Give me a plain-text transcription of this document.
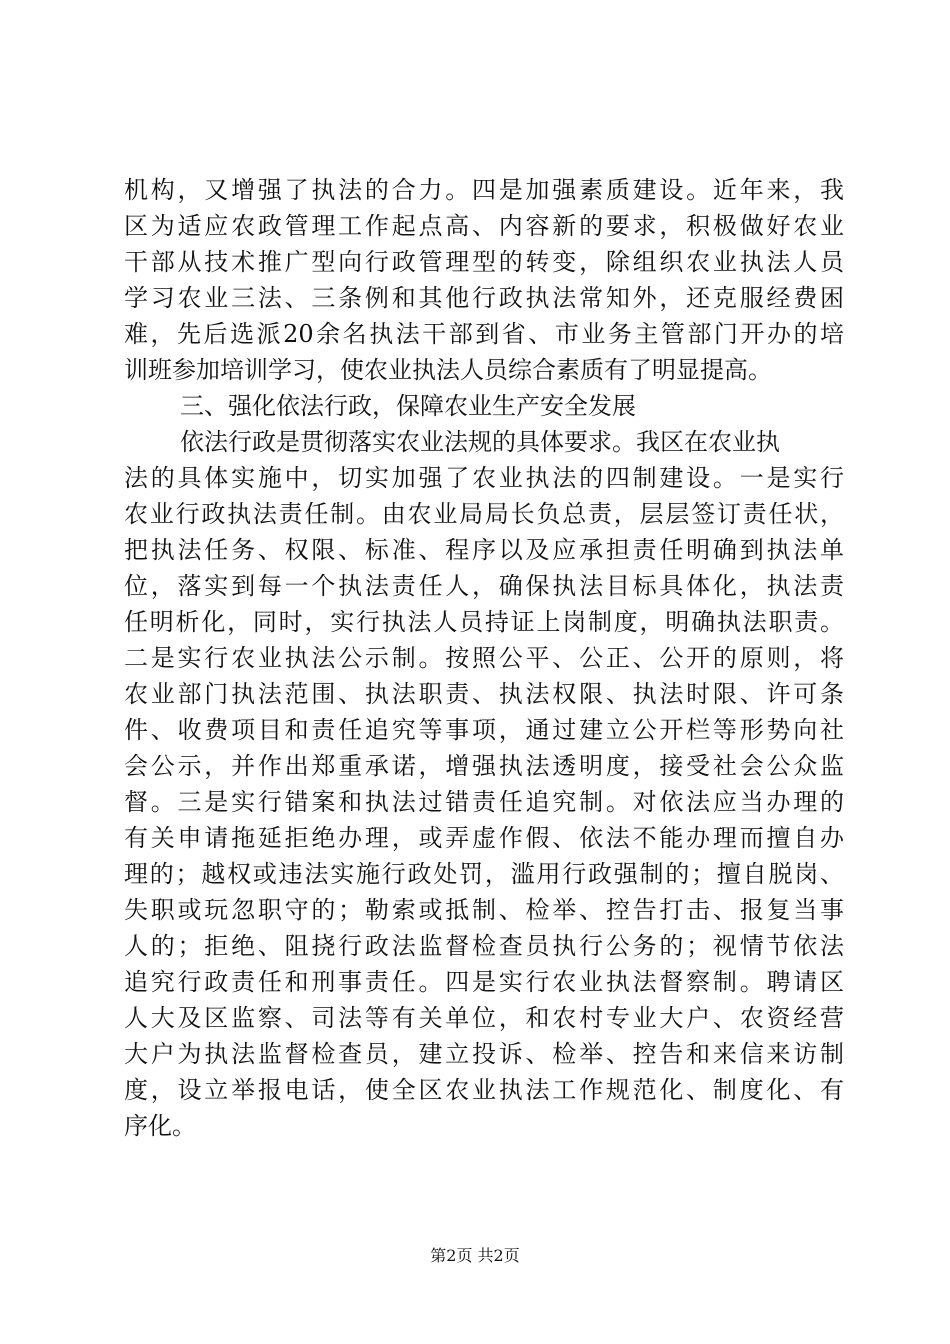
机构，又增强了执法的合力。四是加强素质建设。近年来，我
区为适应农政管理工作起点高、内容新的要求，积极做好农业
干部从技术推广型向行政管理型的转变，除组织农业执法人员
学习农业三法、三条例和其他行政执法常知外，还克服经费困
难，先后选派20余名执法干部到省、市业务主管部门开办的培
训班参加培训学习，使农业执法人员综合素质有了明显提高。
三、强化依法行政，保障农业生产安全发展
依法行政是贯彻落实农业法规的具体要求。我区在农业执
法的具体实施中，切实加强了农业执法的四制建设。一是实行
农业行政执法责任制。由农业局局长负总责，层层签订责任状，
把执法任务、权限、标准、程序以及应承担责任明确到执法单
位，落实到每一个执法责任人，确保执法目标具体化，执法责
任明析化，同时，实行执法人员持证上岗制度，明确执法职责。
二是实行农业执法公示制。按照公平、公正、公开的原则，将
农业部门执法范围、执法职责、执法权限、执法时限、许可条
件、收费项目和责任追究等事项，通过建立公开栏等形势向社
会公示，并作出郑重承诺，增强执法透明度，接受社会公众监
督。三是实行错案和执法过错责任追究制。对依法应当办理的
有关申请拖延拒绝办理，或弄虚作假、依法不能办理而擅自办
理的；越权或违法实施行政处罚，滥用行政强制的；擅自脱岗、
失职或玩忽职守的；勒索或抵制、检举、控告打击、报复当事
人的；拒绝、阻挠行政法监督检查员执行公务的；视情节依法
追究行政责任和刑事责任。四是实行农业执法督察制。聘请区
人大及区监察、司法等有关单位，和农村专业大户、农资经营
大户为执法监督检查员，建立投诉、检举、控告和来信来访制
度，设立举报电话，使全区农业执法工作规范化、制度化、有
序化。
第2页 共2页
